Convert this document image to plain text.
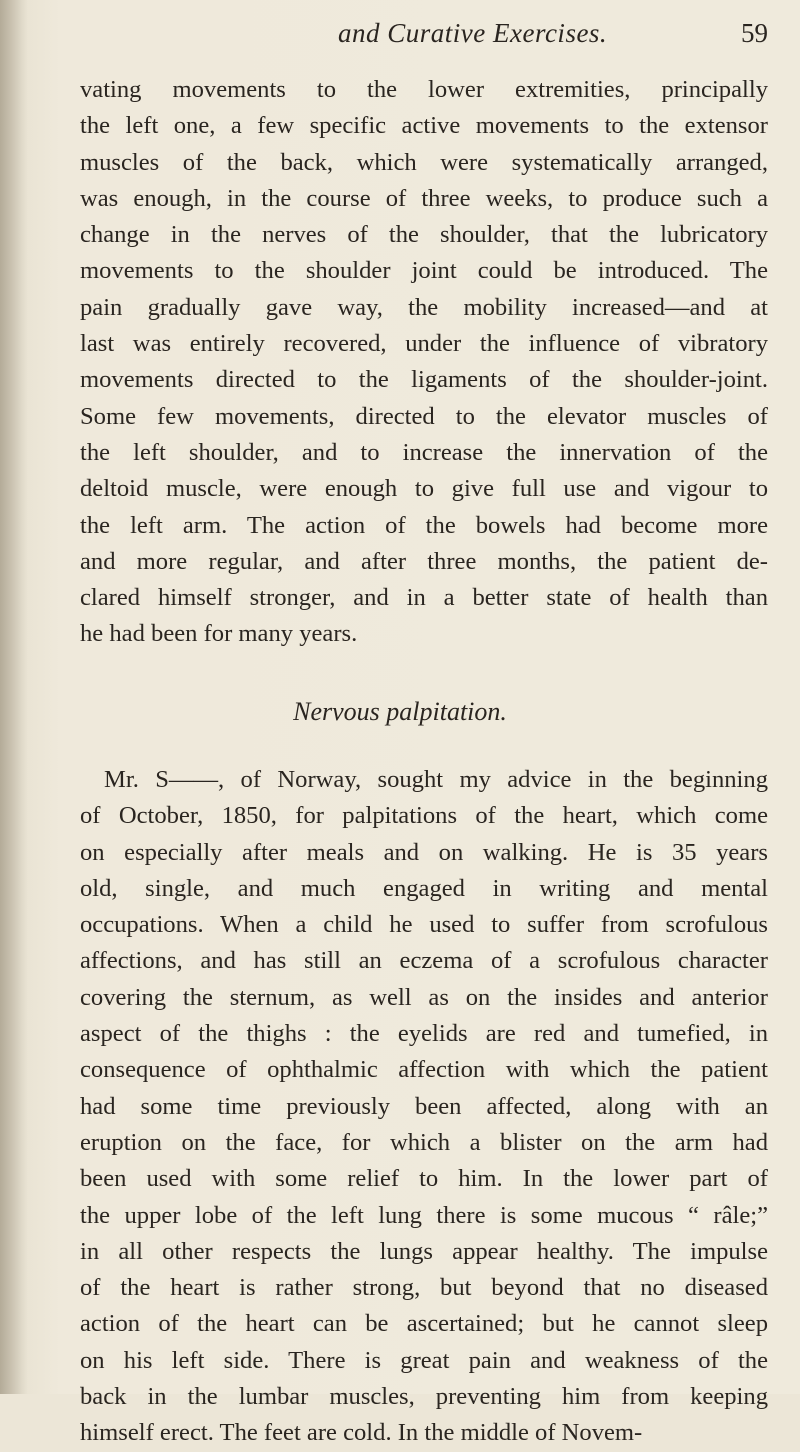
and Curative Exercises.	59
vating movements to the lower extremities, principally
the left one, a few specific active movements to the extensor
muscles of the back, which were systematically arranged,
was enough, in the course of three weeks, to produce such a
change in the nerves of the shoulder, that the lubricatory
movements to the shoulder joint could be introduced. The
pain gradually gave way, the mobility increased—and at
last was entirely recovered, under the influence of vibratory
movements directed to the ligaments of the shoulder-joint.
Some few movements, directed to the elevator muscles of
the left shoulder, and to increase the innervation of the
deltoid muscle, were enough to give full use and vigour to
the left arm. The action of the bowels had become more
and more regular, and after three months, the patient de-
clared himself stronger, and in a better state of health than
he had been for many years.
Nervous palpitation.
Mr. S——, of Norway, sought my advice in the beginning
of October, 1850, for palpitations of the heart, which come
on especially after meals and on walking. He is 35 years
old, single, and much engaged in writing and mental
occupations. When a child he used to suffer from scrofulous
affections, and has still an eczema of a scrofulous character
covering the sternum, as well as on the insides and anterior
aspect of the thighs : the eyelids are red and tumefied, in
consequence of ophthalmic affection with which the patient
had some time previously been affected, along with an
eruption on the face, for which a blister on the arm had
been used with some relief to him. In the lower part of
the upper lobe of the left lung there is some mucous “ râle;”
in all other respects the lungs appear healthy. The impulse
of the heart is rather strong, but beyond that no diseased
action of the heart can be ascertained; but he cannot sleep
on his left side. There is great pain and weakness of the
back in the lumbar muscles, preventing him from keeping
himself erect. The feet are cold. In the middle of Novem-
